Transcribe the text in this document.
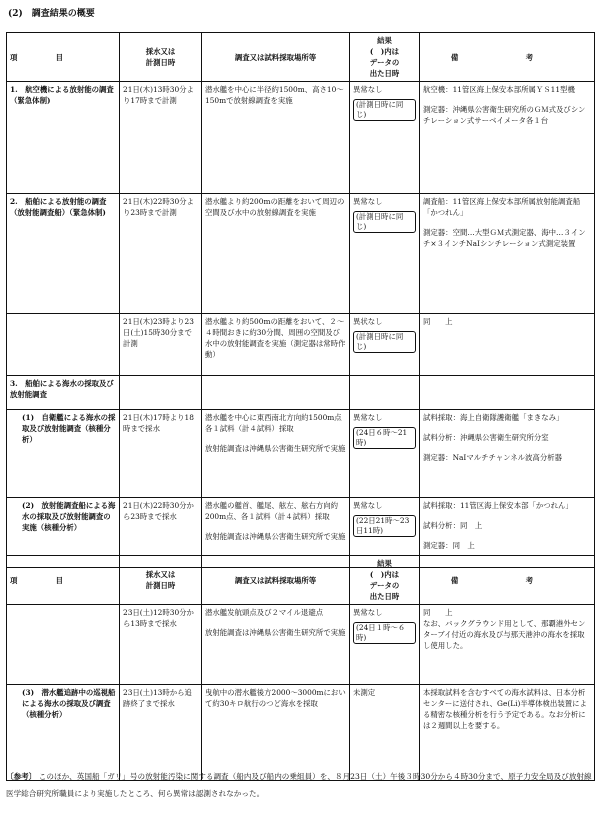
(2)　調査結果の概要
項　　　目	採水又は
計測日時	調査又は試料採取場所等	結果
(　)内は
データの
出た日時	備　考
1.　航空機による放射能の調査（緊急体制)	21日(木)13時30分より17時まで計測	潜水艦を中心に半径約1500m、高さ10〜150mで放射線調査を実施	異常なし
(計測日時に同じ)	航空機：11管区海上保安本部所属ＹＳ11型機
測定器：沖縄県公害衛生研究所のＧＭ式及びシンチレーション式サーベイメータ各１台

2.　船舶による放射能の調査（放射能調査船）（緊急体制)	21日(木)22時30分より23時まで計測	潜水艦より約200mの距離をおいて周辺の空間及び水中の放射線調査を実施	異常なし
(計測日時に同じ)	調査船：11管区海上保安本部所属放射能調査船「かつれん」
測定器：空間…大型ＧＭ式測定器、海中…３インチ×３インチNaIシンチレーション式測定装置

	21日(木)23時より23日(土)15時30分まで計測	潜水艦より約500mの距離をおいて、２〜４時間おきに約30分間、周囲の空間及び水中の放射能調査を実施（測定器は常時作動）	異状なし
(計測日時に同じ)	同　　上
3.　船舶による海水の採取及び放射能調査				

(1)　自衛艦による海水の採取及び放射能調査（核種分析）	21日(木)17時より18時まで採水	潜水艦を中心に東西南北方向約1500m点各１試料（計４試料）採取
放射能調査は沖縄県公害衛生研究所で実施	異常なし
(24日６時〜21時)	試料採取：海上自衛隊護衛艦「まきなみ」
試料分析：沖縄県公害衛生研究所分室
測定器：NaIマルチチャンネル波高分析器

(2)　放射能調査船による海水の採取及び放射能調査の実施（核種分析）	21日(木)22時30分から23時まで採水	潜水艦の艦首、艦尾、舷左、舷右方向約200m点、各１試料（計４試料）採取
放射能調査は沖縄県公害衛生研究所で実施	異常なし
(22日21時〜23日11時)	試料採取：11管区海上保安本部「かつれん」
試料分析：同　上
測定器：同　上
項　　　目	採水又は
計測日時	調査又は試料採取場所等	結果
(　)内は
データの
出た日時	備　考
	23日(土)12時30分から13時まで採水	潜水艦发航頭点及び２マイル退避点
放射能調査は沖縄県公害衛生研究所で実施	異常なし
(24日１時〜６時)	同　　上
なお、バックグラウンド用として、那覇港外センターブイ付近の海水及び与那天港沖の海水を採取し使用した。

(3)　潜水艦追跡中の巡視船による海水の採取及び調査（核種分析）	23日(土)13時から追跡終了まで採水	曳航中の潜水艦後方2000〜3000mにおいて約30キロ航行のつど海水を採取	未測定	本採取試料を含むすべての海水試料は、日本分析センターに送付され、Ge(Li)半導体検出装置による精密な核種分析を行う予定である。なお分析には２週間以上を要する。
〔参考〕 このほか、英国船「ガリ」号の放射能汚染に関する調査（船内及び船内の乗組員）を、８月23日（土）午後３時30分から４時30分まで、原子力安全局及び放射線医学総合研究所職員により実施したところ、何ら異常は認測されなかった。
